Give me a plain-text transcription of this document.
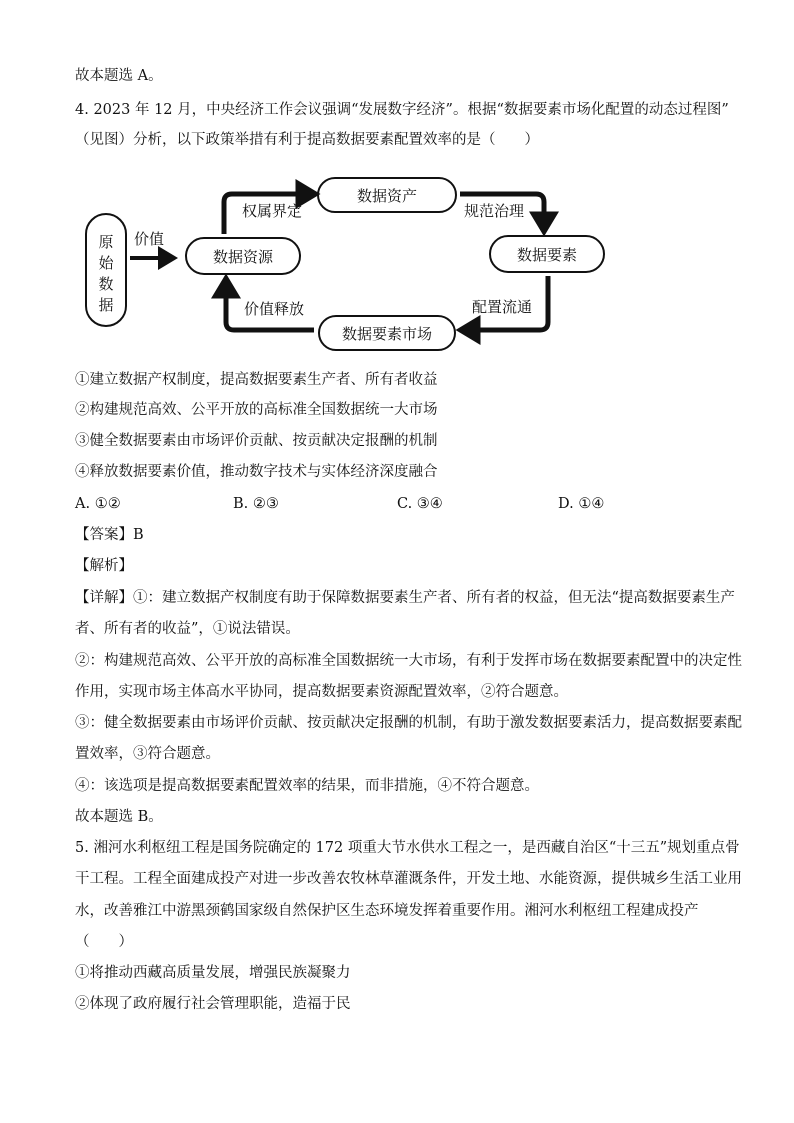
故本题选 A。
4. 2023 年 12 月，中央经济工作会议强调“发展数字经济”。根据“数据要素市场化配置的动态过程图”
（见图）分析，以下政策举措有利于提高数据要素配置效率的是（　　）
原
始
数
据
价值
数据资源
数据资产
数据要素
数据要素市场
权属界定	规范治理
配置流通
价值释放
①建立数据产权制度，提高数据要素生产者、所有者收益
②构建规范高效、公平开放的高标准全国数据统一大市场
③健全数据要素由市场评价贡献、按贡献决定报酬的机制
④释放数据要素价值，推动数字技术与实体经济深度融合
A. ①②	B. ②③	C. ③④	D. ①④
【答案】B
【解析】
【详解】①：建立数据产权制度有助于保障数据要素生产者、所有者的权益，但无法“提高数据要素生产
者、所有者的收益”，①说法错误。
②：构建规范高效、公平开放的高标准全国数据统一大市场，有利于发挥市场在数据要素配置中的决定性
作用，实现市场主体高水平协同，提高数据要素资源配置效率，②符合题意。
③：健全数据要素由市场评价贡献、按贡献决定报酬的机制，有助于激发数据要素活力，提高数据要素配
置效率，③符合题意。
④：该选项是提高数据要素配置效率的结果，而非措施，④不符合题意。
故本题选 B。
5. 湘河水利枢纽工程是国务院确定的 172 项重大节水供水工程之一，是西藏自治区“十三五”规划重点骨
干工程。工程全面建成投产对进一步改善农牧林草灌溉条件，开发土地、水能资源，提供城乡生活工业用
水，改善雅江中游黑颈鹤国家级自然保护区生态环境发挥着重要作用。湘河水利枢纽工程建成投产
（　　）
①将推动西藏高质量发展，增强民族凝聚力
②体现了政府履行社会管理职能，造福于民
